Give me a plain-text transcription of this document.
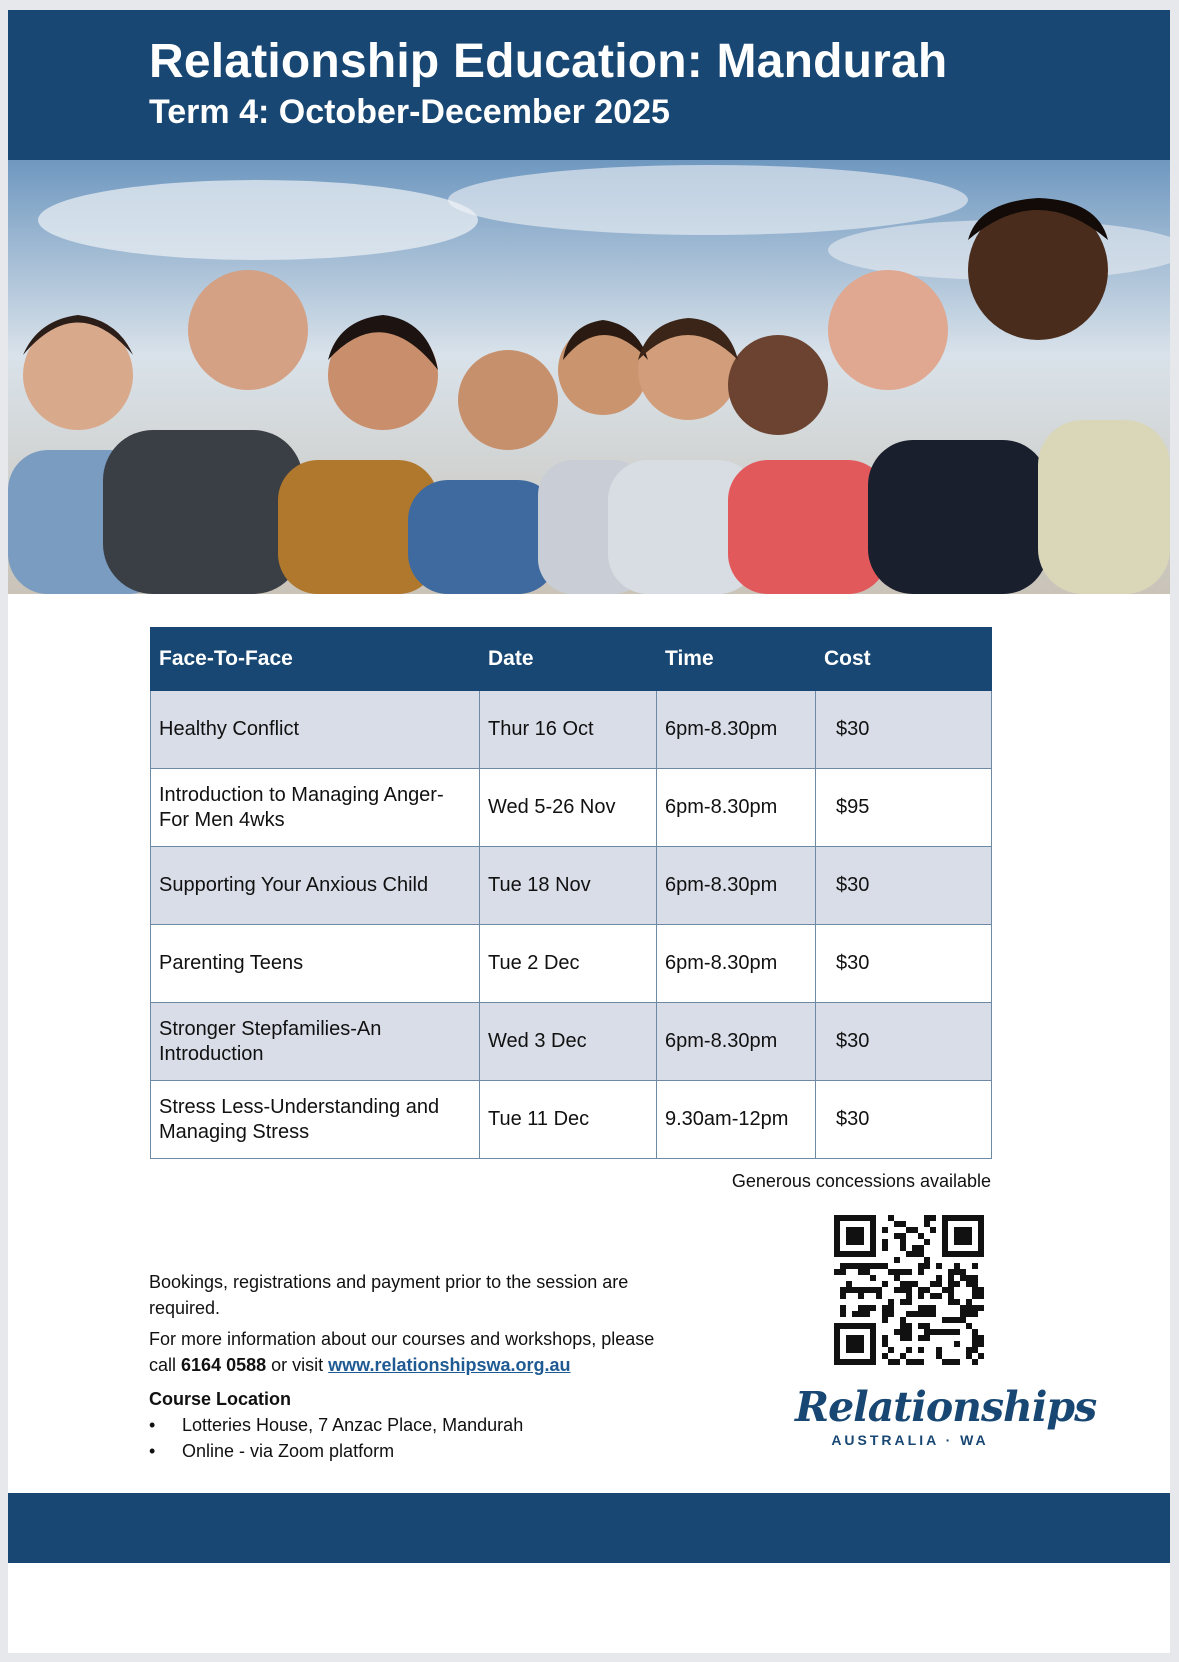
Relationship Education: Mandurah
Term 4: October-December 2025
Face-To-Face	Date	Time	Cost
Healthy Conflict	Thur 16 Oct	6pm-8.30pm	$30
Introduction to Managing Anger-For Men 4wks	Wed 5-26 Nov	6pm-8.30pm	$95
Supporting Your Anxious Child	Tue 18 Nov	6pm-8.30pm	$30
Parenting Teens	Tue 2 Dec	6pm-8.30pm	$30
Stronger Stepfamilies-An Introduction	Wed 3 Dec	6pm-8.30pm	$30
Stress Less-Understanding and Managing Stress	Tue 11 Dec	9.30am-12pm	$30
Generous concessions available

Bookings, registrations and payment prior to the session are required.

For more information about our courses and workshops, please call 6164 0588 or visit www.relationshipswa.org.au

Course Location
• Lotteries House, 7 Anzac Place, Mandurah
• Online - via Zoom platform
Relationships
AUSTRALIA · WA
